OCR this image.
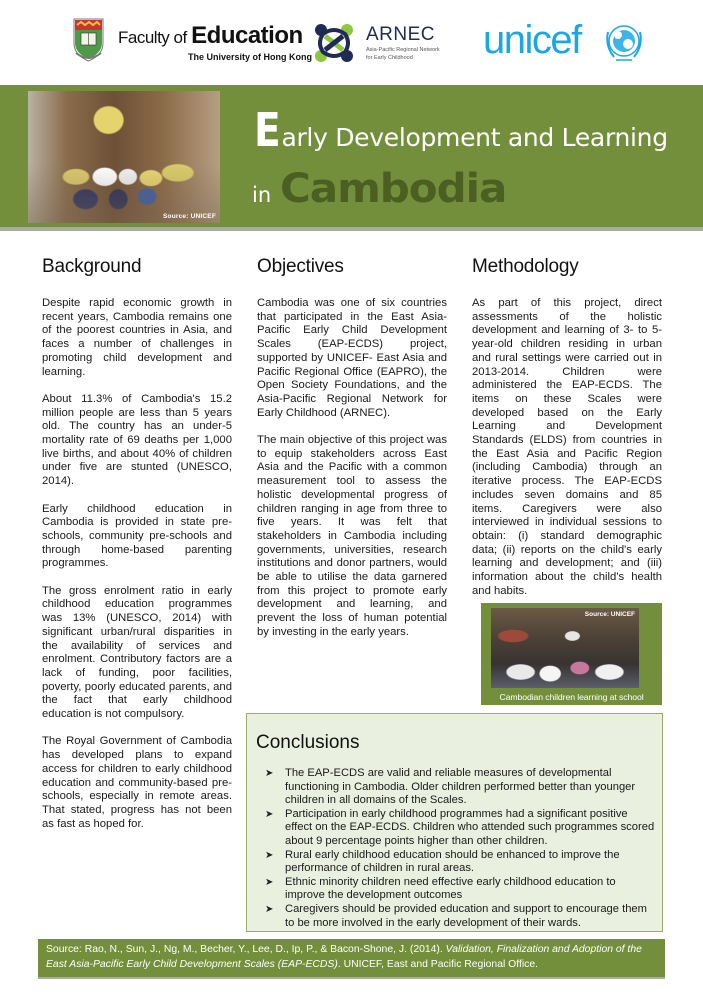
Faculty of Education
The University of Hong Kong
ARNEC
Asia-Pacific Regional Network
for Early Childhood	unicef
Source: UNICEF
Early Development and Learning
in Cambodia
Background

Despite rapid economic growth in recent years, Cambodia remains one of the poorest countries in Asia, and faces a number of challenges in promoting child development and learning.

About 11.3% of Cambodia's 15.2 million people are less than 5 years old. The country has an under-5 mortality rate of 69 deaths per 1,000 live births, and about 40% of children under five are stunted (UNESCO, 2014).

Early childhood education in Cambodia is provided in state pre-schools, community pre-schools and through home-based parenting programmes.

The gross enrolment ratio in early childhood education programmes was 13% (UNESCO, 2014) with significant urban/rural disparities in the availability of services and enrolment. Contributory factors are a lack of funding, poor facilities, poverty, poorly educated parents, and the fact that early childhood education is not compulsory.

The Royal Government of Cambodia has developed plans to expand access for children to early childhood education and community-based pre-schools, especially in remote areas. That stated, progress has not been as fast as hoped for.

Objectives

Cambodia was one of six countries that participated in the East Asia-Pacific Early Child Development Scales (EAP-ECDS) project, supported by UNICEF- East Asia and Pacific Regional Office (EAPRO), the Open Society Foundations, and the Asia-Pacific Regional Network for Early Childhood (ARNEC).

The main objective of this project was to equip stakeholders across East Asia and the Pacific with a common measurement tool to assess the holistic developmental progress of children ranging in age from three to five years. It was felt that stakeholders in Cambodia including governments, universities, research institutions and donor partners, would be able to utilise the data garnered from this project to promote early development and learning, and prevent the loss of human potential by investing in the early years.

Methodology

As part of this project, direct assessments of the holistic development and learning of 3- to 5-year-old children residing in urban and rural settings were carried out in 2013-2014. Children were administered the EAP-ECDS. The items on these Scales were developed based on the Early Learning and Development Standards (ELDS) from countries in the East Asia and Pacific Region (including Cambodia) through an iterative process. The EAP-ECDS includes seven domains and 85 items. Caregivers were also interviewed in individual sessions to obtain: (i) standard demographic data; (ii) reports on the child's early learning and development; and (iii) information about the child's health and habits.

Source: UNICEF
Cambodian children learning at school
Conclusions
➤ The EAP-ECDS are valid and reliable measures of developmental functioning in Cambodia. Older children performed better than younger children in all domains of the Scales.
➤ Participation in early childhood programmes had a significant positive effect on the EAP-ECDS. Children who attended such programmes scored about 9 percentage points higher than other children.
➤ Rural early childhood education should be enhanced to improve the performance of children in rural areas.
➤ Ethnic minority children need effective early childhood education to improve the development outcomes
➤ Caregivers should be provided education and support to encourage them to be more involved in the early development of their wards.
Source: Rao, N., Sun, J., Ng, M., Becher, Y., Lee, D., Ip, P., & Bacon-Shone, J. (2014). Validation, Finalization and Adoption of the East Asia-Pacific Early Child Development Scales (EAP-ECDS). UNICEF, East and Pacific Regional Office.
